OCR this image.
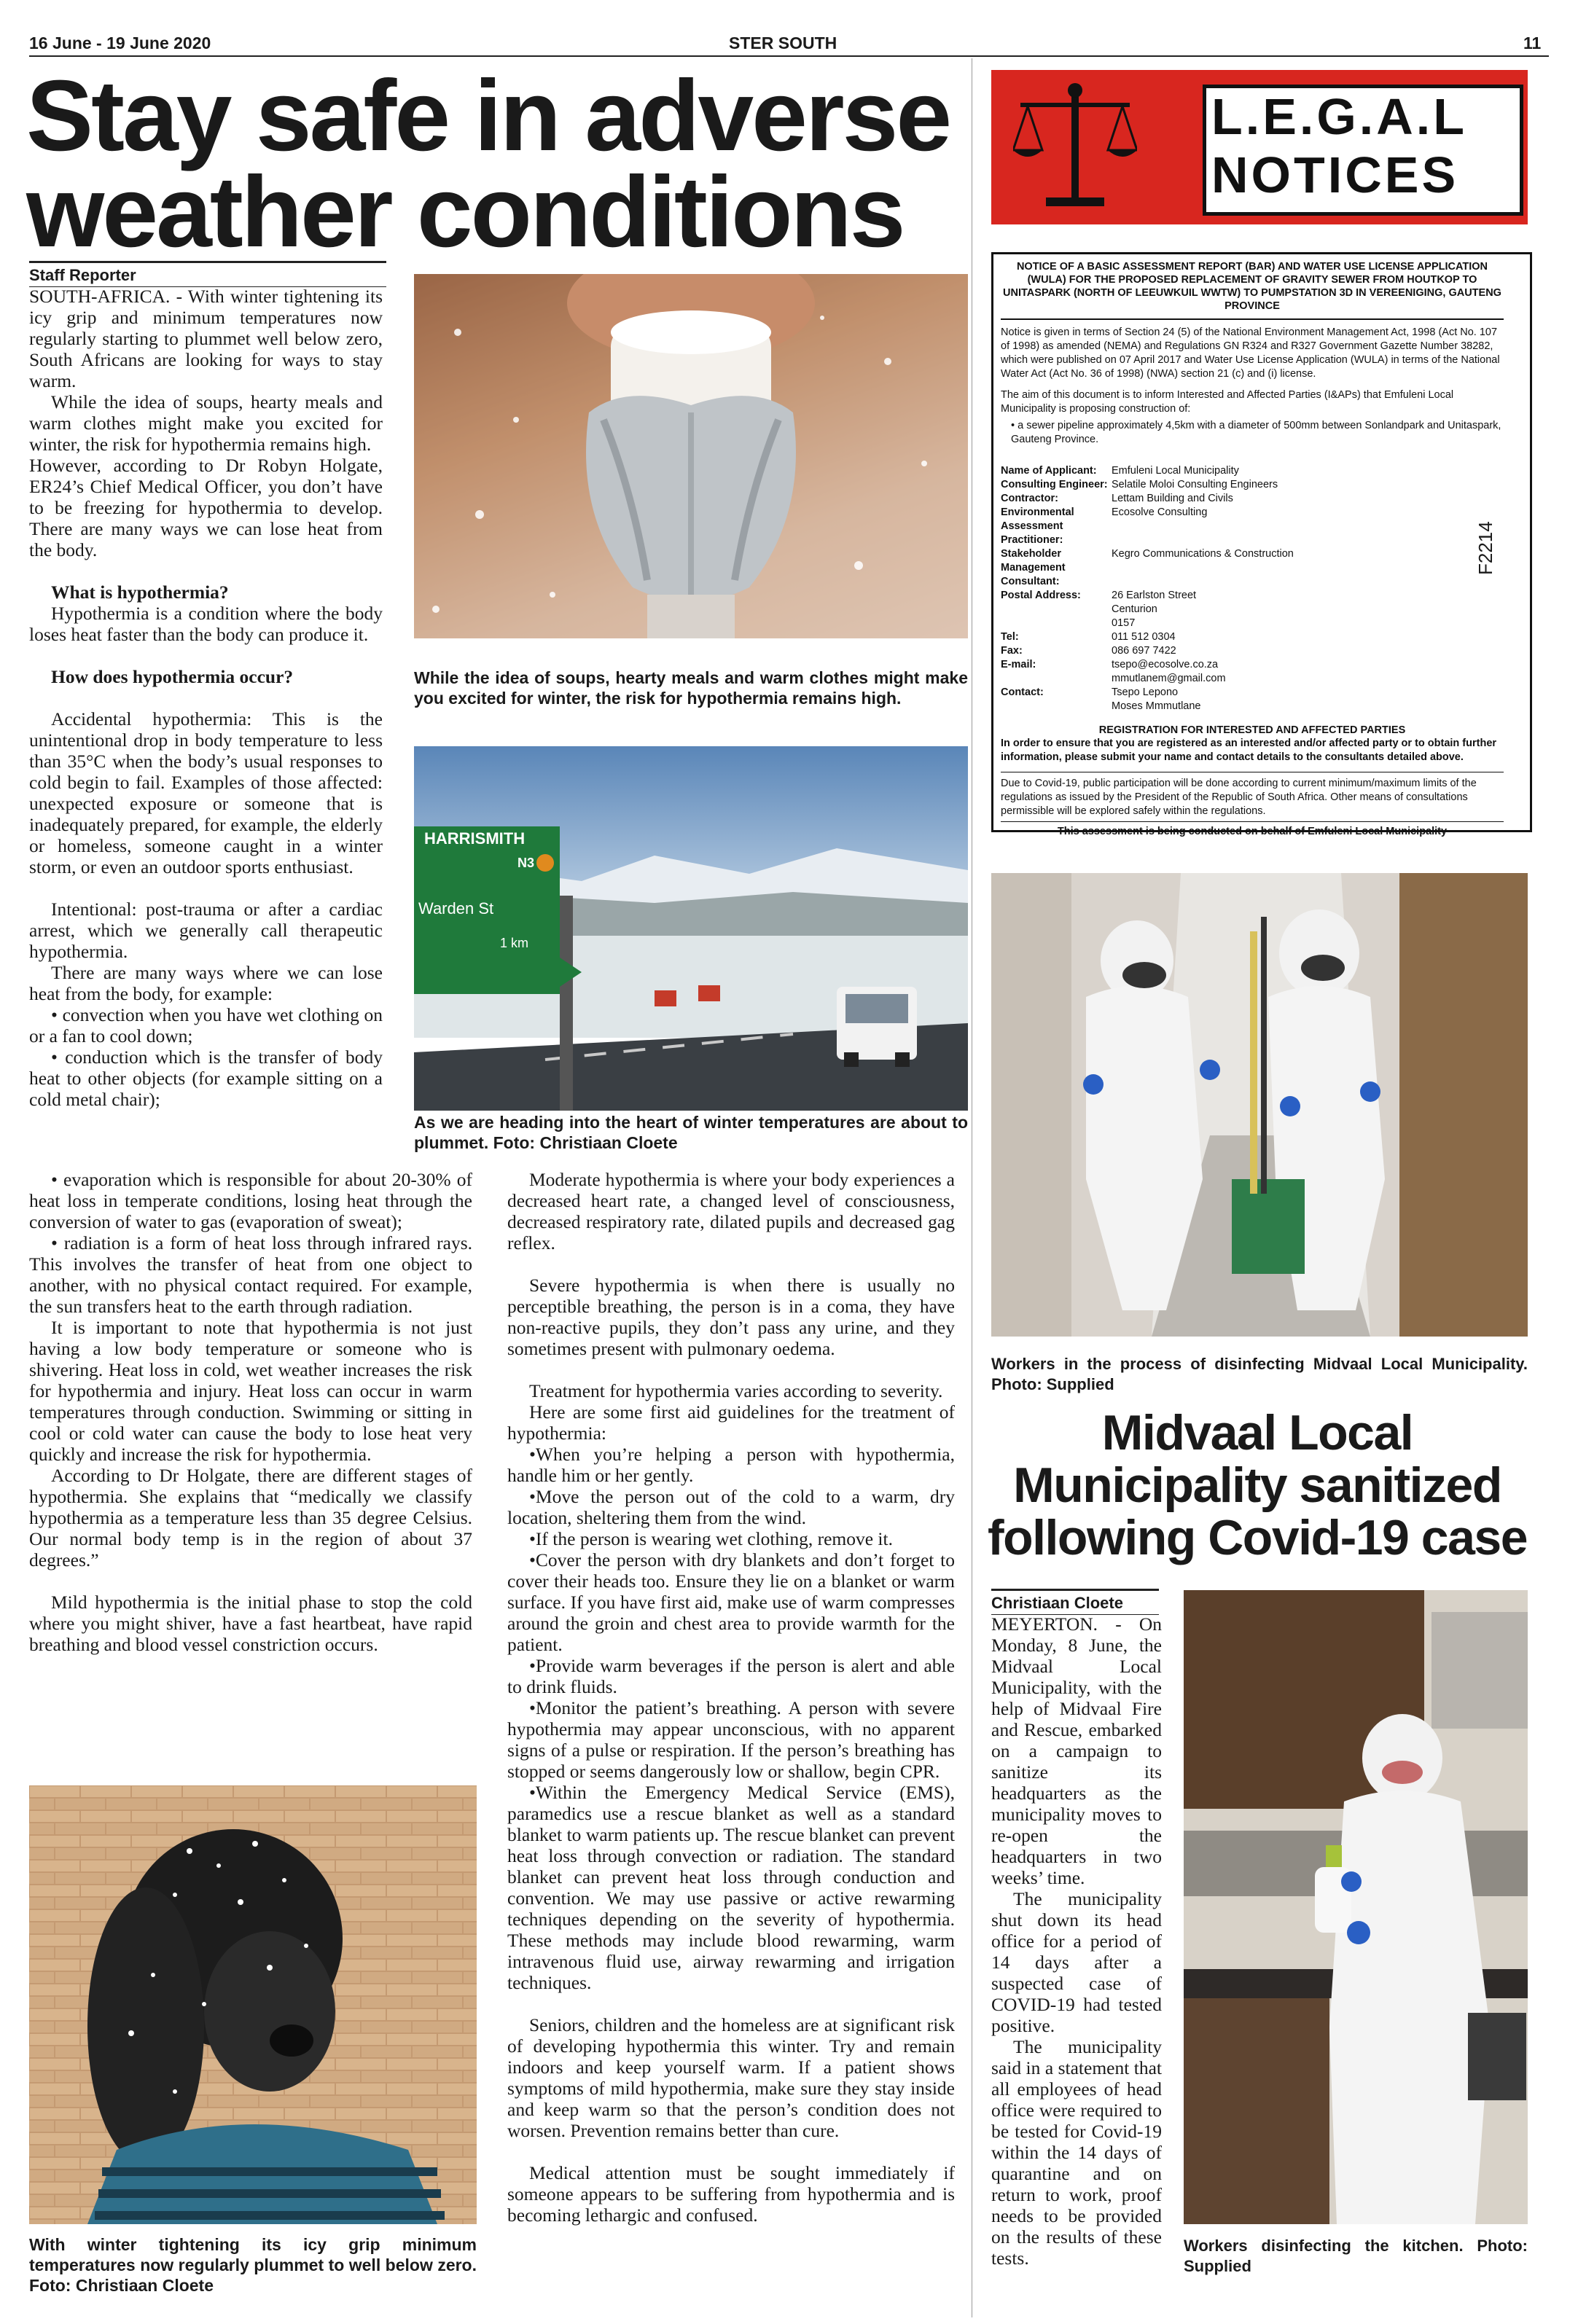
16 June - 19 June 2020	STER SOUTH	11
Stay safe in adverse
weather conditions
Staff Reporter

SOUTH-AFRICA. - With winter tightening its icy grip and minimum temperatures now regularly starting to plummet well below zero, South Africans are looking for ways to stay warm.

While the idea of soups, hearty meals and warm clothes might make you excited for winter, the risk for hypothermia remains high.

However, according to Dr Robyn Holgate, ER24’s Chief Medical Officer, you don’t have to be freezing for hypothermia to develop. There are many ways we can lose heat from the body.

What is hypothermia?

Hypothermia is a condition where the body loses heat faster than the body can produce it.

How does hypothermia occur?

Accidental hypothermia: This is the unintentional drop in body temperature to less than 35°C when the body’s usual responses to cold begin to fail. Examples of those affected: unexpected exposure or someone that is inadequately prepared, for example, the elderly or homeless, someone caught in a winter storm, or even an outdoor sports enthusiast.

Intentional: post-trauma or after a cardiac arrest, which we generally call therapeutic hypothermia.

There are many ways where we can lose heat from the body, for example:

• convection when you have wet clothing on or a fan to cool down;

• conduction which is the transfer of body heat to other objects (for example sitting on a cold metal chair);

• evaporation which is responsible for about 20-30% of heat loss in temperate conditions, losing heat through the conversion of water to gas (evaporation of sweat);

• radiation is a form of heat loss through infrared rays. This involves the transfer of heat from one object to another, with no physical contact required. For example, the sun transfers heat to the earth through radiation.

It is important to note that hypothermia is not just having a low body temperature or someone who is shivering. Heat loss in cold, wet weather increases the risk for hypothermia and injury. Heat loss can occur in warm temperatures through conduction. Swimming or sitting in cool or cold water can cause the body to lose heat very quickly and increase the risk for hypothermia.

According to Dr Holgate, there are different stages of hypothermia. She explains that “medically we classify hypothermia as a temperature less than 35 degree Celsius. Our normal body temp is in the region of about 37 degrees.”

Mild hypothermia is the initial phase to stop the cold where you might shiver, have a fast heartbeat, have rapid breathing and blood vessel constriction occurs.

Moderate hypothermia is where your body experiences a decreased heart rate, a changed level of consciousness, decreased respiratory rate, dilated pupils and decreased gag reflex.

Severe hypothermia is when there is usually no perceptible breathing, the person is in a coma, they have non-reactive pupils, they don’t pass any urine, and they sometimes present with pulmonary oedema.

Treatment for hypothermia varies according to severity.

Here are some first aid guidelines for the treatment of hypothermia:

•When you’re helping a person with hypothermia, handle him or her gently.

•Move the person out of the cold to a warm, dry location, sheltering them from the wind.

•If the person is wearing wet clothing, remove it.

•Cover the person with dry blankets and don’t forget to cover their heads too. Ensure they lie on a blanket or warm surface. If you have first aid, make use of warm compresses around the groin and chest area to provide warmth for the patient.

•Provide warm beverages if the person is alert and able to drink fluids.

•Monitor the patient’s breathing. A person with severe hypothermia may appear unconscious, with no apparent signs of a pulse or respiration. If the person’s breathing has stopped or seems dangerously low or shallow, begin CPR.

•Within the Emergency Medical Service (EMS), paramedics use a rescue blanket as well as a standard blanket to warm patients up. The rescue blanket can prevent heat loss through convection or radiation. The standard blanket can prevent heat loss through conduction and convention. We may use passive or active rewarming techniques depending on the severity of hypothermia. These methods may include blood rewarming, warm intravenous fluid use, airway rewarming and irrigation techniques.

Seniors, children and the homeless are at significant risk of developing hypothermia this winter. Try and remain indoors and keep yourself warm. If a patient shows symptoms of mild hypothermia, make sure they stay inside and keep warm so that the person’s condition does not worsen. Prevention remains better than cure.

Medical attention must be sought immediately if someone appears to be suffering from hypothermia and is becoming lethargic and confused.

While the idea of soups, hearty meals and warm clothes might make you excited for winter, the risk for hypothermia remains high.
HARRISMITH
N3
Warden St
1 km
As we are heading into the heart of winter temperatures are about to plummet. Foto: Christiaan Cloete
With winter tightening its icy grip minimum temperatures now regularly plummet to well below zero. Foto: Christiaan Cloete
L.E.G.A.L
NOTICES
NOTICE OF A BASIC ASSESSMENT REPORT (BAR) AND WATER USE LICENSE APPLICATION (WULA) FOR THE PROPOSED REPLACEMENT OF GRAVITY SEWER FROM HOUTKOP TO UNITASPARK (NORTH OF LEEUWKUIL WWTW) TO PUMPSTATION 3D IN VEREENIGING, GAUTENG PROVINCE

Notice is given in terms of Section 24 (5) of the National Environment Management Act, 1998 (Act No. 107 of 1998) as amended (NEMA) and Regulations GN R324 and R327 Government Gazette Number 38282, which were published on 07 April 2017 and Water Use License Application (WULA) in terms of the National Water Act (Act No. 36 of 1998) (NWA) section 21 (c) and (i) license.

The aim of this document is to inform Interested and Affected Parties (I&APs) that Emfuleni Local Municipality is proposing construction of:

• a sewer pipeline approximately 4,5km with a diameter of 500mm between Sonlandpark and Unitaspark, Gauteng Province.

Name of Applicant:	Emfuleni Local Municipality
Consulting Engineer: Selatile Moloi Consulting Engineers
Contractor:	Lettam Building and Civils
Environmental Assessment Practitioner:
Ecosolve Consulting
Stakeholder Management Consultant:
Kegro Communications & Construction
Postal Address:	26 Earlston Street
Centurion
0157
Tel:	011 512 0304
Fax:	086 697 7422
E-mail:	tsepo@ecosolve.co.za
mmutlanem@gmail.com
Contact:	Tsepo Lepono
Moses Mmmutlane
REGISTRATION FOR INTERESTED AND AFFECTED PARTIES

In order to ensure that you are registered as an interested and/or affected party or to obtain further information, please submit your name and contact details to the consultants detailed above.

Due to Covid-19, public participation will be done according to current minimum/maximum limits of the regulations as issued by the President of the Republic of South Africa. Other means of consultations permissible will be explored safely within the regulations.

This assessment is being conducted on behalf of Emfuleni Local Municipality
F2214
Workers in the process of disinfecting Midvaal Local Municipality. Photo: Supplied
Midvaal Local
Municipality sanitized
following Covid-19 case
Christiaan Cloete

MEYERTON. - On Monday, 8 June, the Midvaal Local Municipality, with the help of Midvaal Fire and Rescue, embarked on a campaign to sanitize its headquarters as the municipality moves to re-open the headquarters in two weeks’ time.

The municipality shut down its head office for a period of 14 days after a suspected case of COVID-19 had tested positive.

The municipality said in a statement that all employees of head office were required to be tested for Covid-19 within the 14 days of quarantine and on return to work, proof needs to be provided on the results of these tests.

Workers disinfecting the kitchen. Photo: Supplied
